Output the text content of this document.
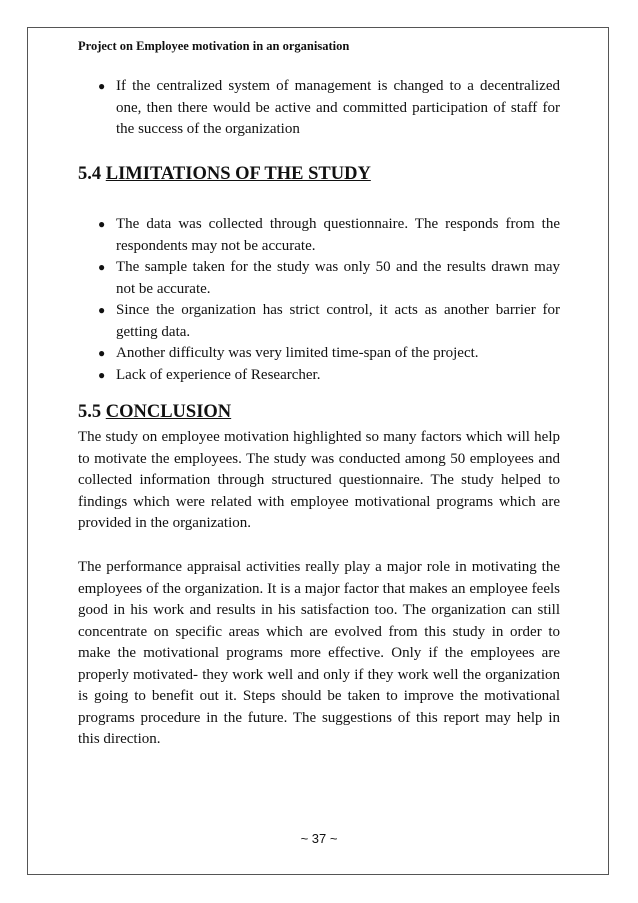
Project on Employee motivation in an organisation
● If the centralized system of management is changed to a decentralized one, then there would be active and committed participation of staff for the success of the organization
5.4 LIMITATIONS OF THE STUDY
● The data was collected through questionnaire. The responds from the respondents may not be accurate.
● The sample taken for the study was only 50 and the results drawn may not be accurate.
● Since the organization has strict control, it acts as another barrier for getting data.
● Another difficulty was very limited time-span of the project.
● Lack of experience of Researcher.
5.5 CONCLUSION

The study on employee motivation highlighted so many factors which will help to motivate the employees. The study was conducted among 50 employees and collected information through structured questionnaire. The study helped to findings which were related with employee motivational programs which are provided in the organization.

The performance appraisal activities really play a major role in motivating the employees of the organization. It is a major factor that makes an employee feels good in his work and results in his satisfaction too. The organization can still concentrate on specific areas which are evolved from this study in order to make the motivational programs more effective. Only if the employees are properly motivated- they work well and only if they work well the organization is going to benefit out it. Steps should be taken to improve the motivational programs procedure in the future. The suggestions of this report may help in this direction.

~ 37 ~
